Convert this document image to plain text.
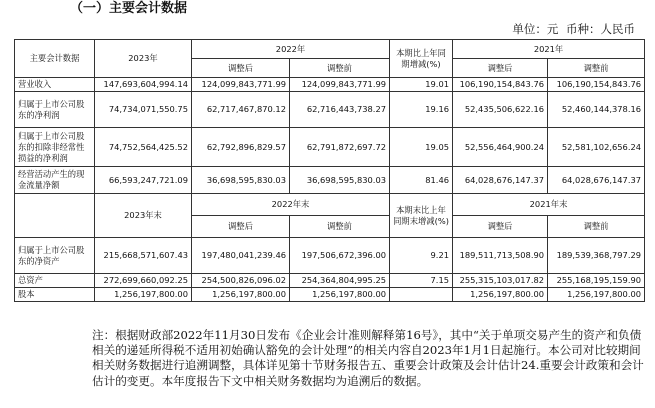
（一）主要会计数据
单位：元 币种：人民币
主要会计数据	2023年	2022年		本期比上年同期增减(%)	2021年	
		调整后	调整前		调整后	调整前
营业收入	147,693,604,994.14	124,099,843,771.99	124,099,843,771.99	19.01	106,190,154,843.76	106,190,154,843.76
归属于上市公司股东的净利润	74,734,071,550.75	62,717,467,870.12	62,716,443,738.27	19.16	52,435,506,622.16	52,460,144,378.16
归属于上市公司股东的扣除非经常性损益的净利润	74,752,564,425.52	62,792,896,829.57	62,791,872,697.72	19.05	52,556,464,900.24	52,581,102,656.24
经营活动产生的现金流量净额	66,593,247,721.09	36,698,595,830.03	36,698,595,830.03	81.46	64,028,676,147.37	64,028,676,147.37
	2023年末	2022年末		本期末比上年同期末增减(%)	2021年末	
		调整后	调整前		调整后	调整前
归属于上市公司股东的净资产	215,668,571,607.43	197,480,041,239.46	197,506,672,396.00	9.21	189,511,713,508.90	189,539,368,797.29
总资产	272,699,660,092.25	254,500,826,096.02	254,364,804,995.25	7.15	255,315,103,017.82	255,168,195,159.90
股本	1,256,197,800.00	1,256,197,800.00	1,256,197,800.00		1,256,197,800.00	1,256,197,800.00
注：根据财政部2022年11月30日发布《企业会计准则解释第16号》，其中“关于单项交易产生的资产和负债相关的递延所得税不适用初始确认豁免的会计处理”的相关内容自2023年1月1日起施行。本公司对比较期间相关财务数据进行追溯调整，具体详见第十节财务报告五、重要会计政策及会计估计24.重要会计政策和会计估计的变更。本年度报告下文中相关财务数据均为追溯后的数据。
